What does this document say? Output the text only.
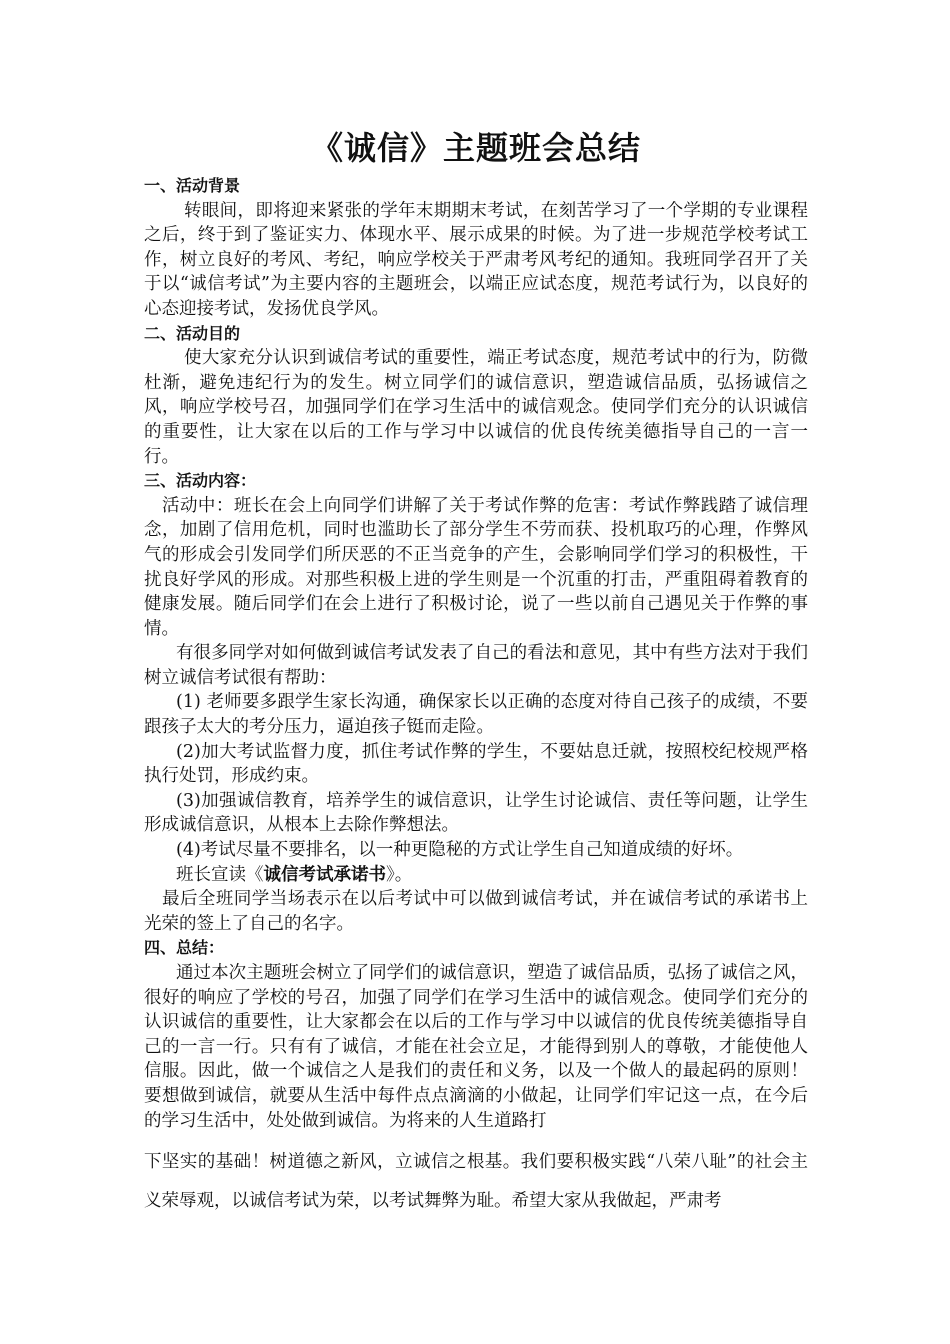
《诚信》主题班会总结
一、活动背景

转眼间，即将迎来紧张的学年末期期末考试，在刻苦学习了一个学期的专业课程之后，终于到了鉴证实力、体现水平、展示成果的时候。为了进一步规范学校考试工作，树立良好的考风、考纪，响应学校关于严肃考风考纪的通知。我班同学召开了关于以“诚信考试”为主要内容的主题班会，以端正应试态度，规范考试行为，以良好的心态迎接考试，发扬优良学风。

二、活动目的

使大家充分认识到诚信考试的重要性，端正考试态度，规范考试中的行为，防微杜渐，避免违纪行为的发生。树立同学们的诚信意识，塑造诚信品质，弘扬诚信之风，响应学校号召，加强同学们在学习生活中的诚信观念。使同学们充分的认识诚信的重要性，让大家在以后的工作与学习中以诚信的优良传统美德指导自己的一言一行。

三、活动内容：

活动中：班长在会上向同学们讲解了关于考试作弊的危害：考试作弊践踏了诚信理念，加剧了信用危机，同时也滥助长了部分学生不劳而获、投机取巧的心理，作弊风气的形成会引发同学们所厌恶的不正当竞争的产生，会影响同学们学习的积极性，干扰良好学风的形成。对那些积极上进的学生则是一个沉重的打击，严重阻碍着教育的健康发展。随后同学们在会上进行了积极讨论，说了一些以前自己遇见关于作弊的事情。

有很多同学对如何做到诚信考试发表了自己的看法和意见，其中有些方法对于我们树立诚信考试很有帮助：

(1) 老师要多跟学生家长沟通，确保家长以正确的态度对待自己孩子的成绩，不要跟孩子太大的考分压力，逼迫孩子铤而走险。

(2)加大考试监督力度，抓住考试作弊的学生，不要姑息迁就，按照校纪校规严格执行处罚，形成约束。

(3)加强诚信教育，培养学生的诚信意识，让学生讨论诚信、责任等问题，让学生形成诚信意识，从根本上去除作弊想法。

(4)考试尽量不要排名，以一种更隐秘的方式让学生自己知道成绩的好坏。

班长宣读《诚信考试承诺书》。

最后全班同学当场表示在以后考试中可以做到诚信考试，并在诚信考试的承诺书上光荣的签上了自己的名字。

四、总结：

通过本次主题班会树立了同学们的诚信意识，塑造了诚信品质，弘扬了诚信之风，很好的响应了学校的号召，加强了同学们在学习生活中的诚信观念。使同学们充分的认识诚信的重要性，让大家都会在以后的工作与学习中以诚信的优良传统美德指导自己的一言一行。只有有了诚信，才能在社会立足，才能得到别人的尊敬，才能使他人信服。因此，做一个诚信之人是我们的责任和义务，以及一个做人的最起码的原则！要想做到诚信，就要从生活中每件点点滴滴的小做起，让同学们牢记这一点，在今后的学习生活中，处处做到诚信。为将来的人生道路打

下坚实的基础！树道德之新风，立诚信之根基。我们要积极实践“八荣八耻”的社会主义荣辱观，以诚信考试为荣，以考试舞弊为耻。希望大家从我做起，严肃考
